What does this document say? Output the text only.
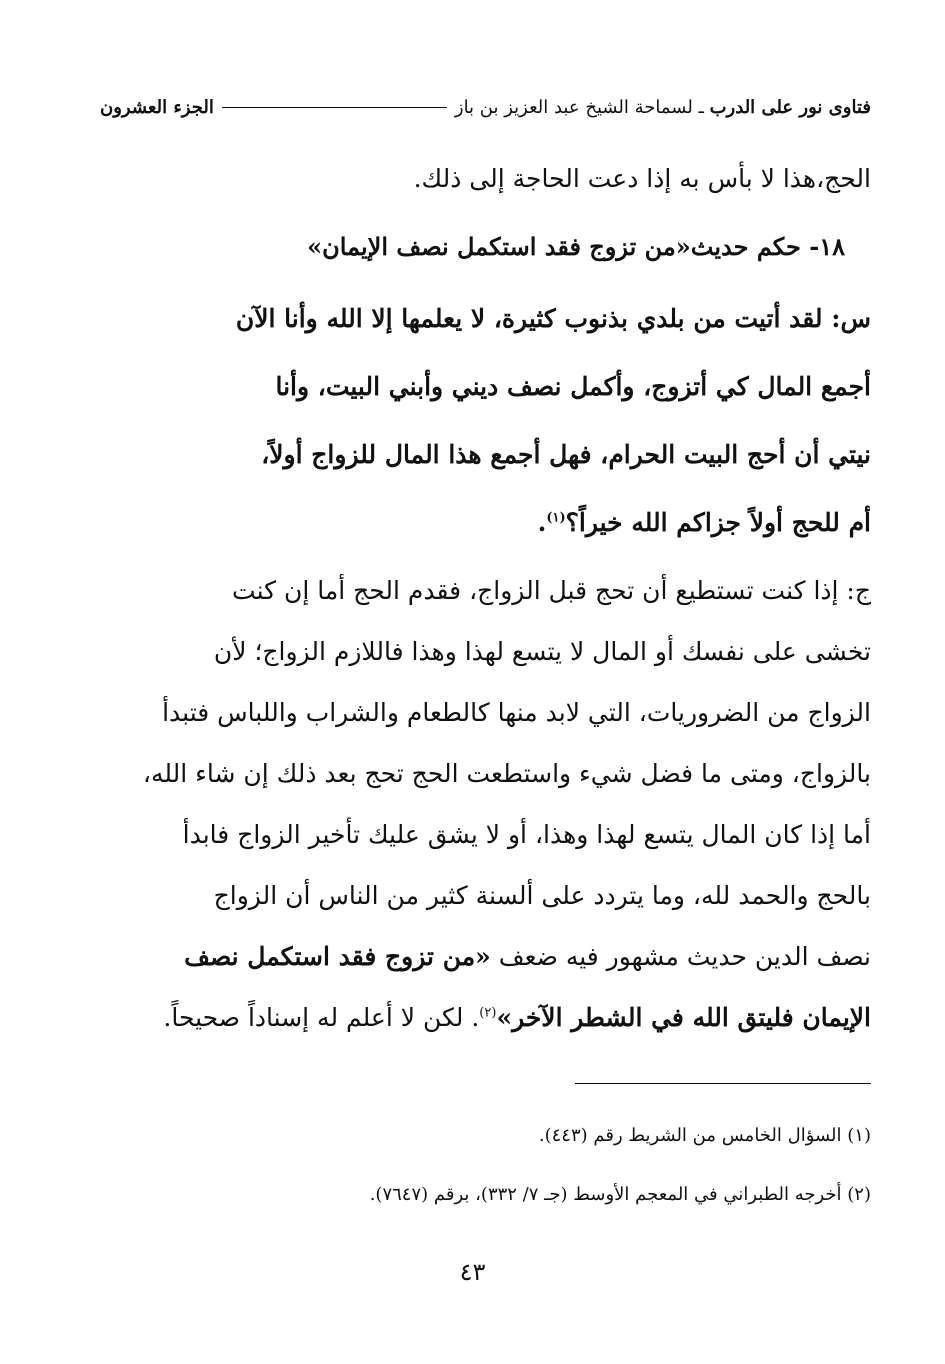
فتاوى نور على الدرب ـ لسماحة الشيخ عبد العزيز بن باز
الجزء العشرون
الحج،هذا لا بأس به إذا دعت الحاجة إلى ذلك.
١٨- حكم حديث«من تزوج فقد استكمل نصف الإيمان»
س: لقد أتيت من بلدي بذنوب كثيرة، لا يعلمها إلا الله وأنا الآن
أجمع المال كي أتزوج، وأكمل نصف ديني وأبني البيت، وأنا
نيتي أن أحج البيت الحرام، فهل أجمع هذا المال للزواج أولاً،
أم للحج أولاً جزاكم الله خيراً؟$^{(١)}$.
ج: إذا كنت تستطيع أن تحج قبل الزواج، فقدم الحج أما إن كنت
تخشى على نفسك أو المال لا يتسع لهذا وهذا فاللازم الزواج؛ لأن
الزواج من الضروريات، التي لابد منها كالطعام والشراب واللباس فتبدأ
بالزواج، ومتى ما فضل شيء واستطعت الحج تحج بعد ذلك إن شاء الله،
أما إذا كان المال يتسع لهذا وهذا، أو لا يشق عليك تأخير الزواج فابدأ
بالحج والحمد لله، وما يتردد على ألسنة كثير من الناس أن الزواج
نصف الدين حديث مشهور فيه ضعف «من تزوج فقد استكمل نصف
الإيمان فليتق الله في الشطر الآخر»$^{(٢)}$. لكن لا أعلم له إسناداً صحيحاً.
(١) السؤال الخامس من الشريط رقم (٤٤٣).
(٢) أخرجه الطبراني في المعجم الأوسط (جـ ٧/ ٣٣٢)، برقم (٧٦٤٧).
٤٣
